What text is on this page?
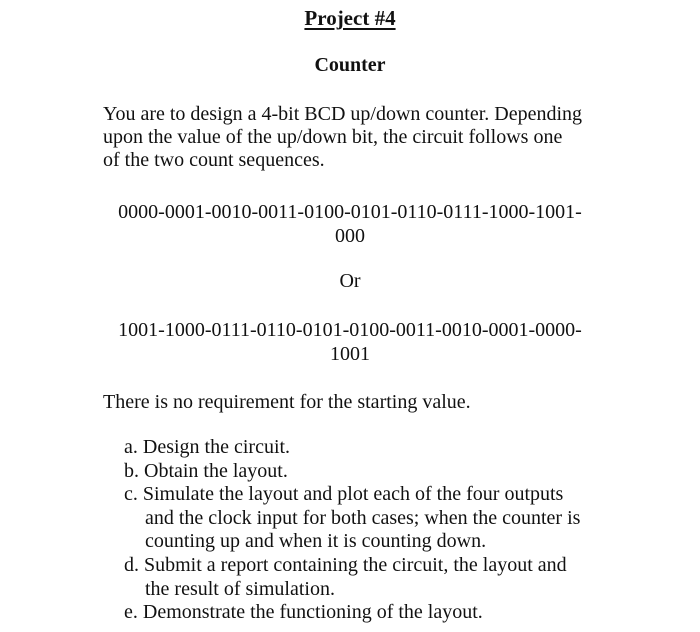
Project #4
Counter
You are to design a 4-bit BCD up/down counter. Depending
upon the value of the up/down bit, the circuit follows one
of the two count sequences.
0000-0001-0010-0011-0100-0101-0110-0111-1000-1001-
000
Or
1001-1000-0111-0110-0101-0100-0011-0010-0001-0000-
1001
There is no requirement for the starting value.
a. Design the circuit.
b. Obtain the layout.
c. Simulate the layout and plot each of the four outputs
and the clock input for both cases; when the counter is
counting up and when it is counting down.
d. Submit a report containing the circuit, the layout and
the result of simulation.
e. Demonstrate the functioning of the layout.
